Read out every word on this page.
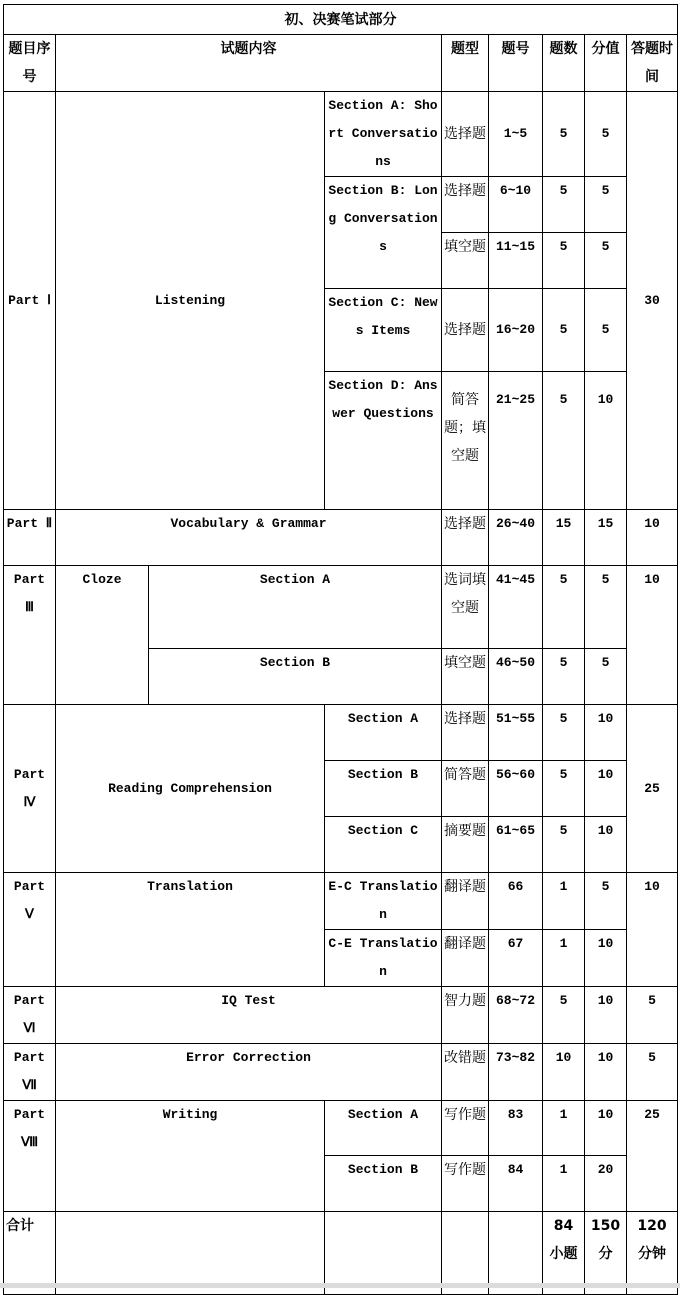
初、决赛笔试部分								
题目序号	试题内容			题型	题号	题数	分值	答题时间
Part Ⅰ	Listening		Section A: Short Conversations	选择题	1~5	5	5	30
			Section B: Long Conversations	选择题	6~10	5	5	
				填空题	11~15	5	5	
			Section C: News Items	选择题	16~20	5	5	
			Section D: Answer Questions	简答题；填空题	21~25	5	10	
Part Ⅱ	Vocabulary & Grammar			选择题	26~40	15	15	10
Part Ⅲ	Cloze	Section A		选词填空题	41~45	5	5	10
		Section B		填空题	46~50	5	5	
Part Ⅳ	Reading Comprehension		Section A	选择题	51~55	5	10	25
			Section B	简答题	56~60	5	10	
			Section C	摘要题	61~65	5	10	
Part Ⅴ	Translation		E-C Translation	翻译题	66	1	5	10
			C-E Translation	翻译题	67	1	10	
Part Ⅵ	IQ Test			智力题	68~72	5	10	5
Part Ⅶ	Error Correction			改错题	73~82	10	10	5
Part Ⅷ	Writing		Section A	写作题	83	1	10	25
			Section B	写作题	84	1	20	
合计						84 小题	150 分	120 分钟
